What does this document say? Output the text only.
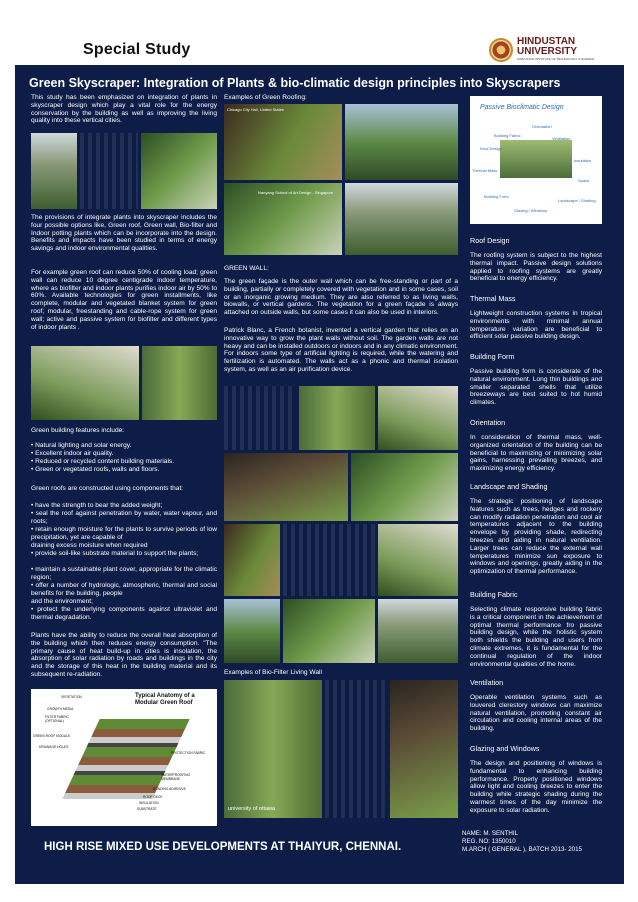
Special Study	HINDUSTAN
UNIVERSITY
HINDUSTAN INSTITUTE OF TECHNOLOGY & SCIENCE
Green Skyscraper: Integration of Plants & bio-climatic design principles into Skyscrapers
This study has been emphasized on integration of plants in skyscraper design which play a vital role for the energy conservation by the building as well as improving the living quality into these vertical cities.
The provisions of integrate plants into skyscraper includes the four possible options like, Green roof, Green wall, Bio-filter and Indoor potting plants which can be incorporate into the design. Benefits and impacts have been studied in terms of energy savings and indoor environmental qualities.
For example green roof can reduce 50% of cooling load; green wall can reduce 10 degree centigrade indoor temperature, where as biofilter and indoor plants purifies indoor air by 50% to 60%. Available technologies for green installments, like complete, modular and vegetated blanket system for green roof; modular, freestanding and cable-rope system for green wall; active and passive system for biofilter and different types of indoor plants .
Green building features include:
• Natural lighting and solar energy.
• Excellent indoor air quality.
• Reduced or recycled content building materials.
• Green or vegetated roofs, walls and floors.
Green roofs are constructed using components that:
• have the strength to bear the added weight;
• seal the roof against penetration by water, water vapour, and roots;
• retain enough moisture for the plants to survive periods of low precipitation, yet are capable of
draining excess moisture when required
• provide soil-like substrate material to support the plants;
• maintain a sustainable plant cover, appropriate for the climatic region;
• offer a number of hydrologic, atmospheric, thermal and social benefits for the building, people
and the environment;
• protect the underlying components against ultraviolet and thermal degradation.
Plants have the ability to reduce the overall heat absorption of the building which then reduces energy consumption. "The primary cause of heat build-up in cities is insolation, the absorption of solar radiation by roads and buildings in the city and the storage of this heat in the building material and its subsequent re-radiation.
Typical Anatomy of a Modular Green Roof
VEGETATION
GROWTH MEDIA
FILTER FABRIC (OPTIONAL)
GREEN ROOF MODULE
DRAINAGE HOLES
PROTECTION FABRIC
WATERPROOFING MEMBRANE
BONDING ADHESIVE
ROOF DECK
INSULATION
SUBSTRATE
Examples of Green Roofing:
Chicago City Hall, United States
Nanyang School of Art Design - Singapore
GREEN WALL:
The green façade is the outer wall which can be free-standing or part of a building, partially or completely covered with vegetation and in some cases, soil or an inorganic growing medium. They are also referred to as living walls, biowalls, or vertical gardens. The vegetation for a green façade is always attached on outside walls, but some cases it can also be used in interiors.
Patrick Blanc, a French botanist, invented a vertical garden that relies on an innovative way to grow the plant walls without soil. The garden walls are not heavy and can be installed outdoors or indoors and in any climatic environment. For indoors some type of artificial lighting is required, while the watering and fertilization is automated. The walls act as a phonic and thermal isolation system, as well as an air purification device.
Examples of Bio-Filter Living Wall
university of ottawa
Passive Bioclimatic Design
Orientation
Building Fabric
Ventilation
Roof Design
Insulation
Thermal Mass
Space
Building Form
Landscape / Shading
Glazing / Windows
Roof Design
The roofing system is subject to the highest thermal impact. Passive design solutions applied to roofing systems are greatly beneficial to energy efficiency.
Thermal Mass
Lightweight construction systems in tropical environments with minimal annual temperature variation are beneficial to efficient solar passive building design.
Building Form
Passive building form is considerate of the natural environment. Long thin buildings and smaller separated shells that utilize breezeways are best suited to hot humid climates.
Orientation
In consideration of thermal mass, well-organized orientation of the building can be beneficial to maximizing or minimizing solar gains, harnessing prevailing breezes, and maximizing energy efficiency.
Landscape and Shading
The strategic positioning of landscape features such as trees, hedges and rockery can modify radiation penetration and cool air temperatures adjacent to the building envelope by providing shade, redirecting breezes and aiding in natural ventilation. Larger trees can reduce the external wall temperatures minimize sun exposure to windows and openings, greatly aiding in the optimization of thermal performance.
Building Fabric
Selecting climate responsive building fabric is a critical component in the achievement of optimal thermal performance fro passive building design, while the holistic system both shields the building and users from climate extremes, it is fundamental for the continual regulation of the indoor environmental qualities of the home.
Ventilation
Operable ventilation systems such as louvered clerestory windows can maximize natural ventilation, promoting constant air circulation and cooling internal areas of the building.
Glazing and Windows
The design and positioning of windows is fundamental to enhancing building performance. Properly positioned windows allow light and cooling breezes to enter the building while strategic shading during the warmest times of the day minimize the exposure to solar radiation.
HIGH RISE MIXED USE DEVELOPMENTS AT THAIYUR, CHENNAI.
NAME: M. SENTHIL
REG. NO: 1350010
M.ARCH ( GENERAL ), BATCH 2013- 2015
